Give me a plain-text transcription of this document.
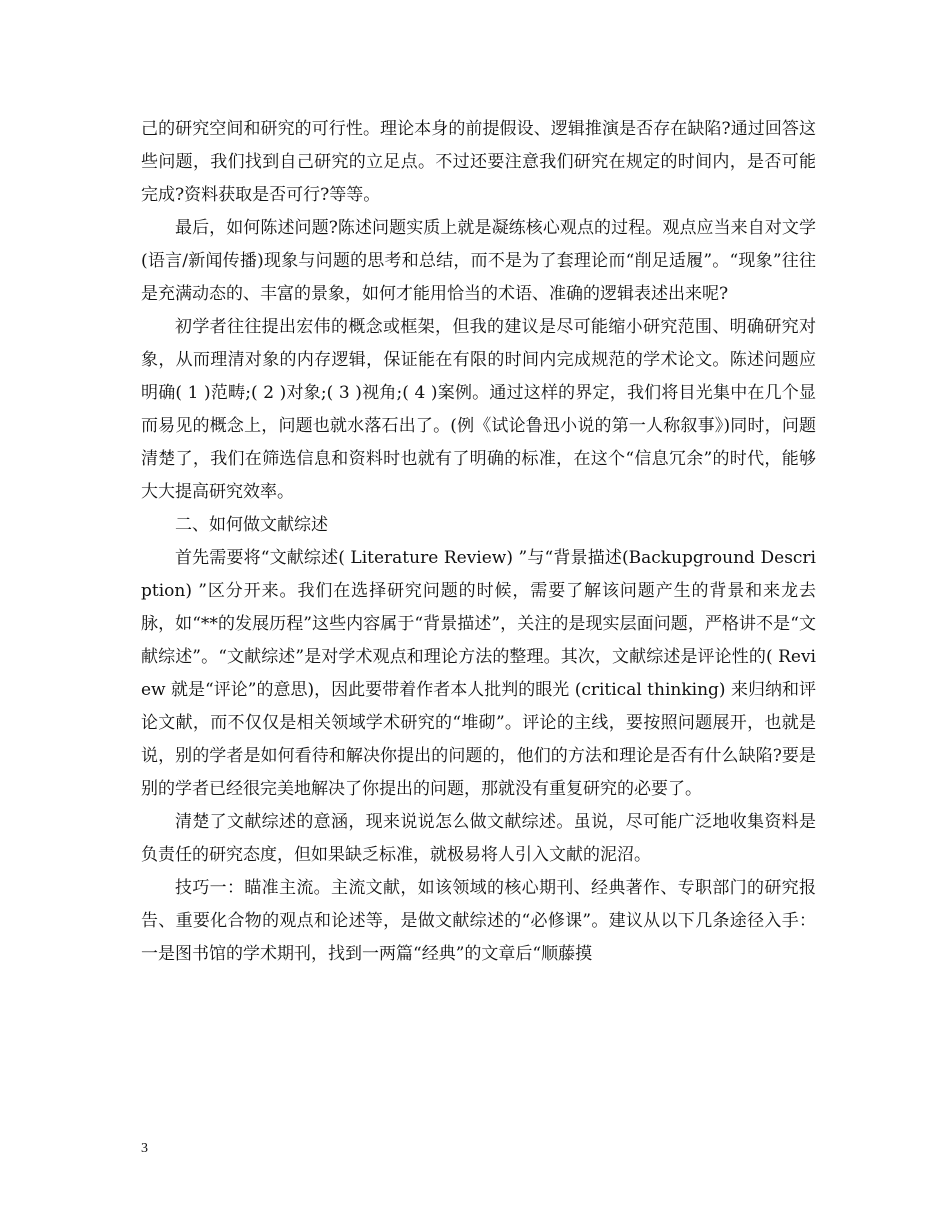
己的研究空间和研究的可行性。理论本身的前提假设、逻辑推演是否存在缺陷?通过回答这些问题，我们找到自己研究的立足点。不过还要注意我们研究在规定的时间内，是否可能完成?资料获取是否可行?等等。

最后，如何陈述问题?陈述问题实质上就是凝练核心观点的过程。观点应当来自对文学(语言/新闻传播)现象与问题的思考和总结，而不是为了套理论而“削足适履”。“现象”往往是充满动态的、丰富的景象，如何才能用恰当的术语、准确的逻辑表述出来呢?

初学者往往提出宏伟的概念或框架，但我的建议是尽可能缩小研究范围、明确研究对象，从而理清对象的内存逻辑，保证能在有限的时间内完成规范的学术论文。陈述问题应明确( 1 )范畴;( 2 )对象;( 3 )视角;( 4 )案例。通过这样的界定，我们将目光集中在几个显而易见的概念上，问题也就水落石出了。(例《试论鲁迅小说的第一人称叙事》)同时，问题清楚了，我们在筛选信息和资料时也就有了明确的标准，在这个“信息冗余”的时代，能够大大提高研究效率。

二、如何做文献综述

首先需要将“文献综述( Literature Review) ”与“背景描述(Backupground Description) ”区分开来。我们在选择研究问题的时候，需要了解该问题产生的背景和来龙去脉，如“**的发展历程”这些内容属于“背景描述”，关注的是现实层面问题，严格讲不是“文献综述”。“文献综述”是对学术观点和理论方法的整理。其次，文献综述是评论性的( Review 就是“评论”的意思)，因此要带着作者本人批判的眼光 (critical thinking) 来归纳和评论文献，而不仅仅是相关领域学术研究的“堆砌”。评论的主线，要按照问题展开，也就是说，别的学者是如何看待和解决你提出的问题的，他们的方法和理论是否有什么缺陷?要是别的学者已经很完美地解决了你提出的问题，那就没有重复研究的必要了。

清楚了文献综述的意涵，现来说说怎么做文献综述。虽说，尽可能广泛地收集资料是负责任的研究态度，但如果缺乏标准，就极易将人引入文献的泥沼。

技巧一：瞄准主流。主流文献，如该领域的核心期刊、经典著作、专职部门的研究报告、重要化合物的观点和论述等，是做文献综述的“必修课”。建议从以下几条途径入手：一是图书馆的学术期刊，找到一两篇“经典”的文章后“顺藤摸

3
